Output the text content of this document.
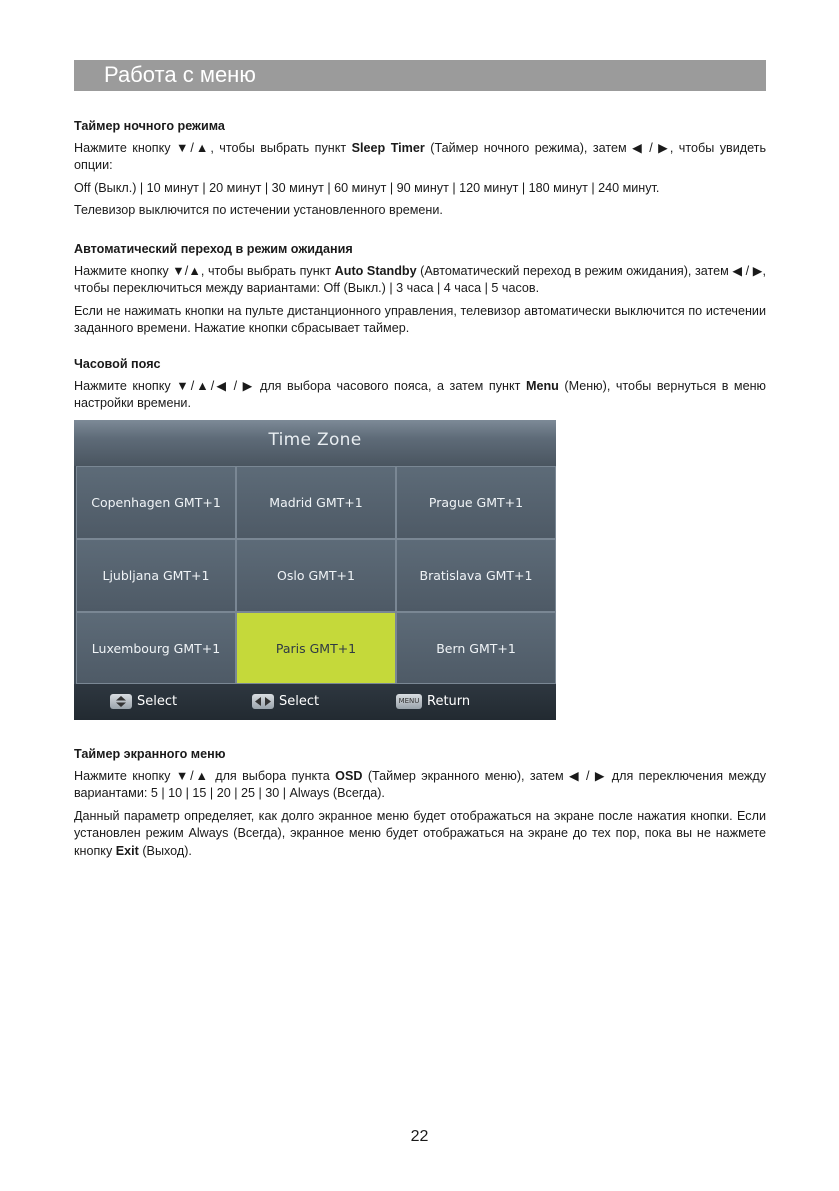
Работа с меню
Таймер ночного режима

Нажмите кнопку ▼/▲, чтобы выбрать пункт Sleep Timer (Таймер ночного режима), затем ◀ / ▶, чтобы увидеть опции:

Off (Выкл.) | 10 минут | 20 минут | 30 минут | 60 минут | 90 минут | 120 минут | 180 минут | 240 минут.

Телевизор выключится по истечении установленного времени.

Автоматический переход в режим ожидания

Нажмите кнопку ▼/▲, чтобы выбрать пункт Auto Standby (Автоматический переход в режим ожидания), затем ◀ / ▶, чтобы переключиться между вариантами: Off (Выкл.) | 3 часа | 4 часа | 5 часов.

Если не нажимать кнопки на пульте дистанционного управления, телевизор автоматически выключится по истечении заданного времени. Нажатие кнопки сбрасывает таймер.

Часовой пояс

Нажмите кнопку ▼/▲/◀ / ▶ для выбора часового пояса, а затем пункт Menu (Меню), чтобы вернуться в меню настройки времени.

Time Zone
Copenhagen GMT+1	Madrid GMT+1	Prague GMT+1
Ljubljana GMT+1	Oslo GMT+1	Bratislava GMT+1
Luxembourg GMT+1	Paris GMT+1	Bern GMT+1
Select	Select	MENU Return
Таймер экранного меню

Нажмите кнопку ▼/▲ для выбора пункта OSD (Таймер экранного меню), затем ◀ / ▶ для переключения между вариантами: 5 | 10 | 15 | 20 | 25 | 30 | Always (Всегда).

Данный параметр определяет, как долго экранное меню будет отображаться на экране после нажатия кнопки. Если установлен режим Always (Всегда), экранное меню будет отображаться на экране до тех пор, пока вы не нажмете кнопку Exit (Выход).

22
